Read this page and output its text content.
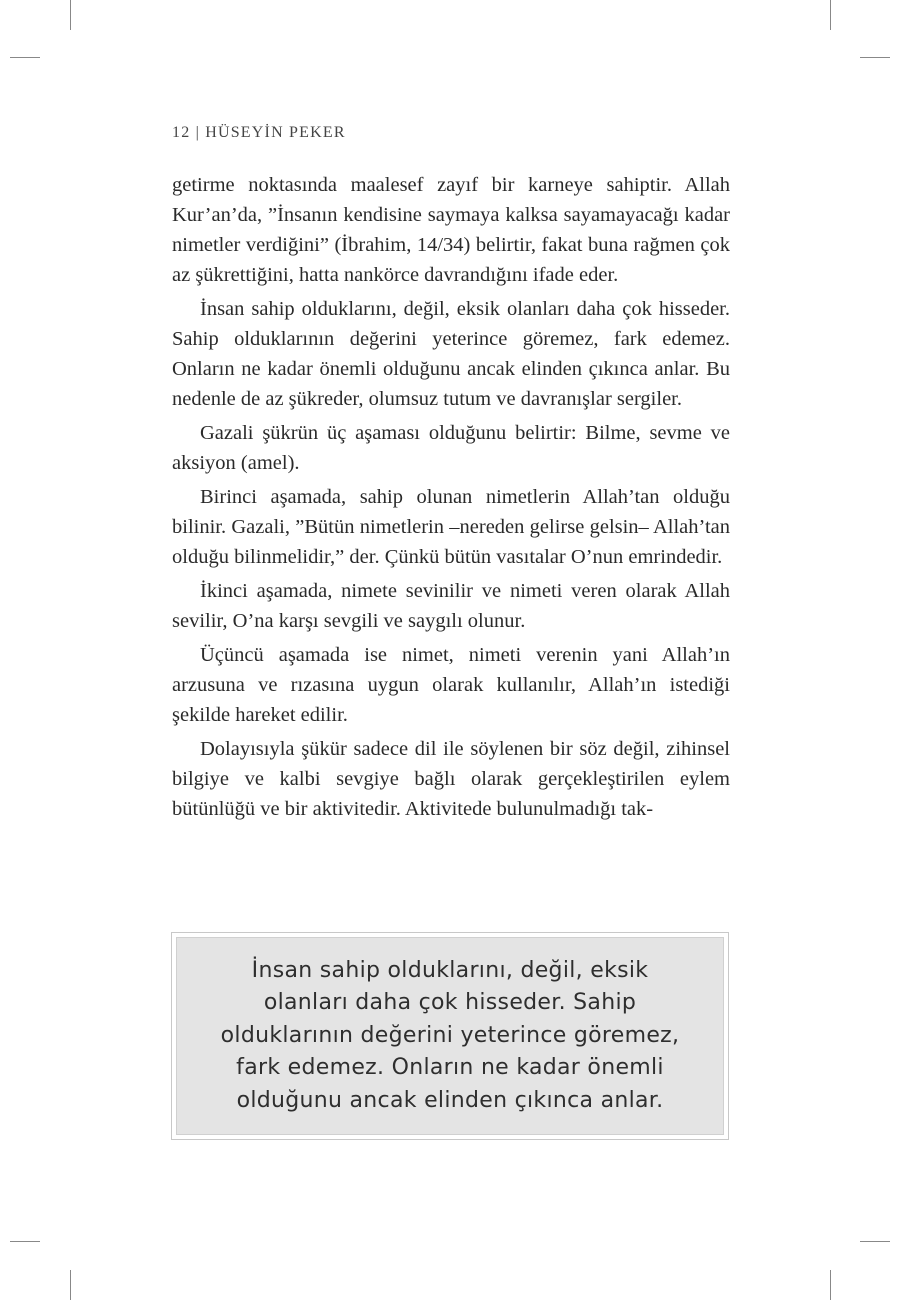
12 | HÜSEYİN PEKER

getirme noktasında maalesef zayıf bir karneye sahiptir. Allah Kur’an’da, ”İnsanın kendisine saymaya kalksa sayamayacağı kadar nimetler verdiğini” (İbrahim, 14/34) belirtir, fakat buna rağmen çok az şükrettiğini, hatta nankörce davrandığını ifade eder.

İnsan sahip olduklarını, değil, eksik olanları daha çok hisseder. Sahip olduklarının değerini yeterince göremez, fark edemez. Onların ne kadar önemli olduğunu ancak elinden çıkınca anlar. Bu nedenle de az şükreder, olumsuz tutum ve davranışlar sergiler.

Gazali şükrün üç aşaması olduğunu belirtir: Bilme, sevme ve aksiyon (amel).

Birinci aşamada, sahip olunan nimetlerin Allah’tan olduğu bilinir. Gazali, ”Bütün nimetlerin –nereden gelirse gelsin– Allah’tan olduğu bilinmelidir,” der. Çünkü bütün vasıtalar O’nun emrindedir.

İkinci aşamada, nimete sevinilir ve nimeti veren olarak Allah sevilir, O’na karşı sevgili ve saygılı olunur.

Üçüncü aşamada ise nimet, nimeti verenin yani Allah’ın arzusuna ve rızasına uygun olarak kullanılır, Allah’ın istediği şekilde hareket edilir.

Dolayısıyla şükür sadece dil ile söylenen bir söz değil, zihinsel bilgiye ve kalbi sevgiye bağlı olarak gerçekleştirilen eylem bütünlüğü ve bir aktivitedir. Aktivitede bulunulmadığı tak-

İnsan sahip olduklarını, değil, eksik olanları daha çok hisseder. Sahip olduklarının değerini yeterince göremez, fark edemez. Onların ne kadar önemli olduğunu ancak elinden çıkınca anlar.
